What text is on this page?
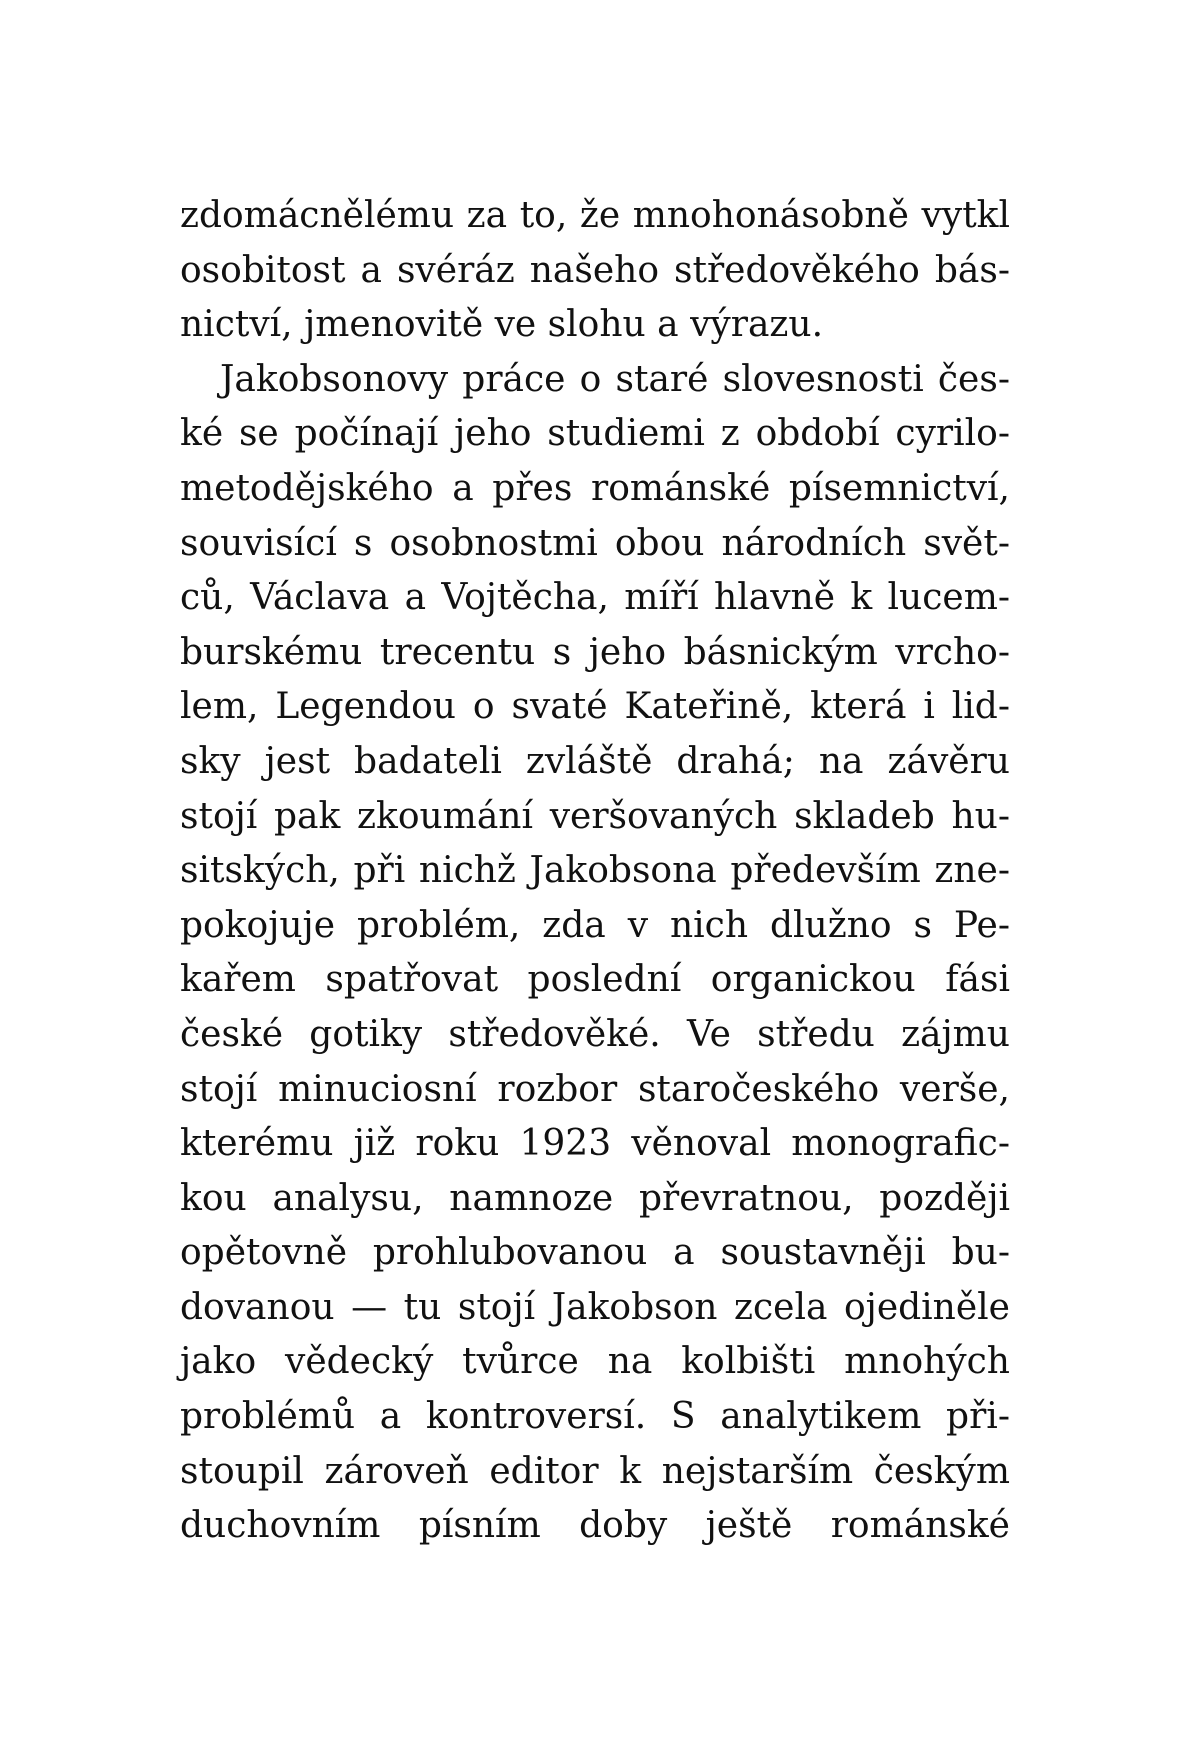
zdomácnělému za to, že mnohonásobně vytkl
osobitost a svéráz našeho středověkého bás-
nictví, jmenovitě ve slohu a výrazu.
Jakobsonovy práce o staré slovesnosti čes-
ké se počínají jeho studiemi z období cyrilo-
metodějského a přes románské písemnictví,
souvisící s osobnostmi obou národních svět-
ců, Václava a Vojtěcha, míří hlavně k lucem-
burskému trecentu s jeho básnickým vrcho-
lem, Legendou o svaté Kateřině, která i lid-
sky jest badateli zvláště drahá; na závěru
stojí pak zkoumání veršovaných skladeb hu-
sitských, při nichž Jakobsona především zne-
pokojuje problém, zda v nich dlužno s Pe-
kařem spatřovat poslední organickou fási
české gotiky středověké. Ve středu zájmu
stojí minuciosní rozbor staročeského verše,
kterému již roku 1923 věnoval monografic-
kou analysu, namnoze převratnou, později
opětovně prohlubovanou a soustavněji bu-
dovanou — tu stojí Jakobson zcela ojediněle
jako vědecký tvůrce na kolbišti mnohých
problémů a kontroversí. S analytikem při-
stoupil zároveň editor k nejstarším českým
duchovním písním doby ještě románské
